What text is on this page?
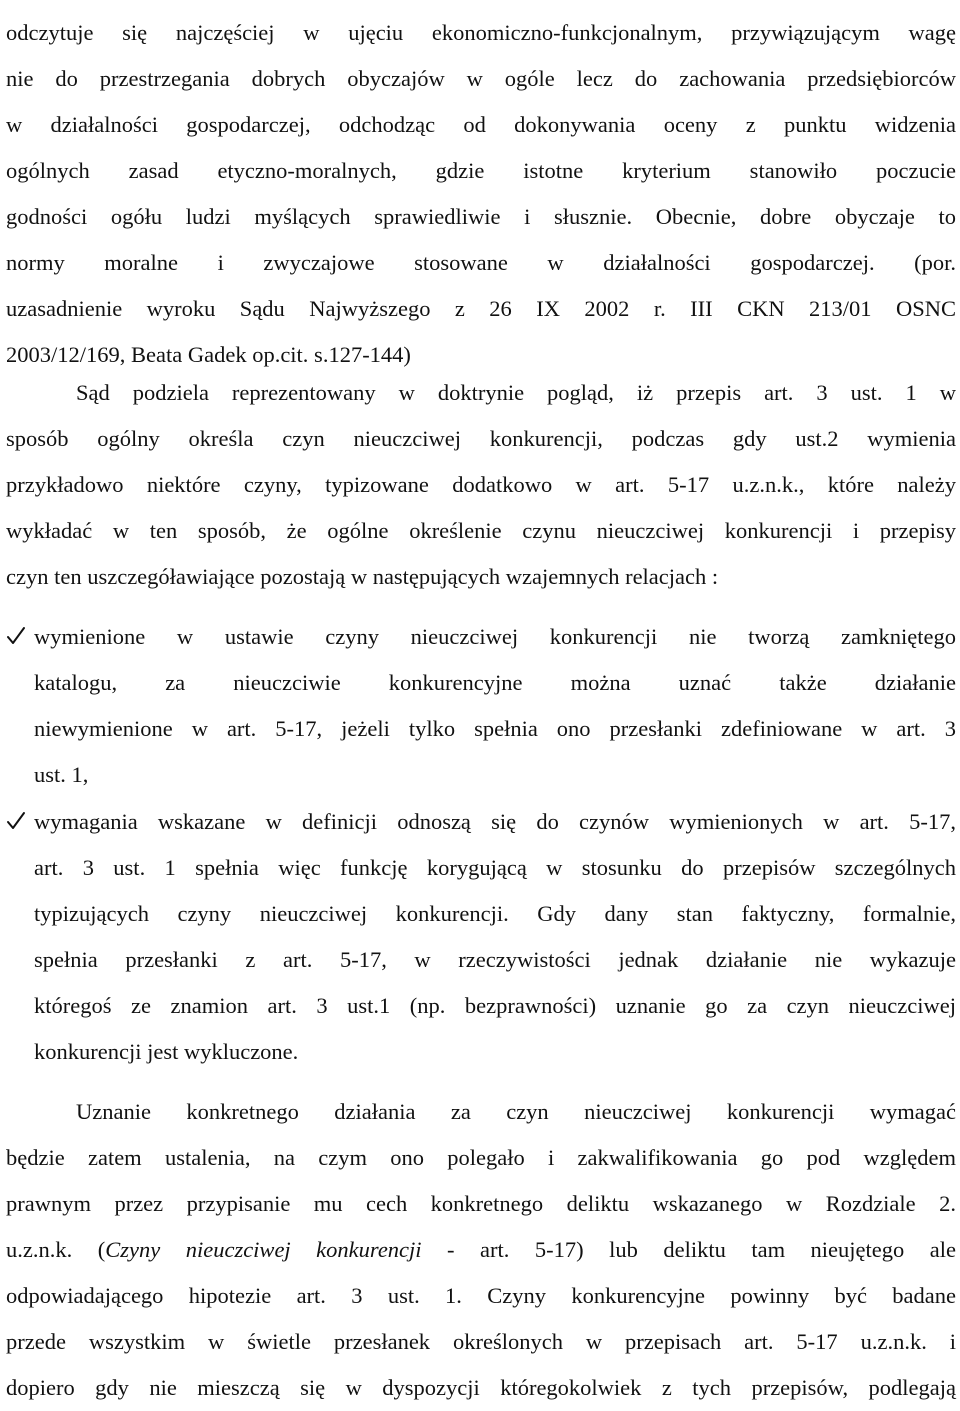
odczytuje się najczęściej w ujęciu ekonomiczno-funkcjonalnym, przywiązującym wagę
nie do przestrzegania dobrych obyczajów w ogóle lecz do zachowania przedsiębiorców
w działalności gospodarczej, odchodząc od dokonywania oceny z punktu widzenia
ogólnych zasad etyczno-moralnych, gdzie istotne kryterium stanowiło poczucie
godności ogółu ludzi myślących sprawiedliwie i słusznie. Obecnie, dobre obyczaje to
normy moralne i zwyczajowe stosowane w działalności gospodarczej. (por.
uzasadnienie wyroku Sądu Najwyższego z 26 IX 2002 r. III CKN 213/01 OSNC
2003/12/169, Beata Gadek op.cit. s.127-144)
Sąd podziela reprezentowany w doktrynie pogląd, iż przepis art. 3 ust. 1 w
sposób ogólny określa czyn nieuczciwej konkurencji, podczas gdy ust.2 wymienia
przykładowo niektóre czyny, typizowane dodatkowo w art. 5-17 u.z.n.k., które należy
wykładać w ten sposób, że ogólne określenie czynu nieuczciwej konkurencji i przepisy
czyn ten uszczegóławiające pozostają w następujących wzajemnych relacjach :
wymienione w ustawie czyny nieuczciwej konkurencji nie tworzą zamkniętego
katalogu, za nieuczciwie konkurencyjne można uznać także działanie
niewymienione w art. 5-17, jeżeli tylko spełnia ono przesłanki zdefiniowane w art. 3
ust. 1,
wymagania wskazane w definicji odnoszą się do czynów wymienionych w art. 5-17,
art. 3 ust. 1 spełnia więc funkcję korygującą w stosunku do przepisów szczególnych
typizujących czyny nieuczciwej konkurencji. Gdy dany stan faktyczny, formalnie,
spełnia przesłanki z art. 5-17, w rzeczywistości jednak działanie nie wykazuje
któregoś ze znamion art. 3 ust.1 (np. bezprawności) uznanie go za czyn nieuczciwej
konkurencji jest wykluczone.
Uznanie konkretnego działania za czyn nieuczciwej konkurencji wymagać
będzie zatem ustalenia, na czym ono polegało i zakwalifikowania go pod względem
prawnym przez przypisanie mu cech konkretnego deliktu wskazanego w Rozdziale 2.
u.z.n.k. (Czyny nieuczciwej konkurencji - art. 5-17) lub deliktu tam nieujętego ale
odpowiadającego hipotezie art. 3 ust. 1. Czyny konkurencyjne powinny być badane
przede wszystkim w świetle przesłanek określonych w przepisach art. 5-17 u.z.n.k. i
dopiero gdy nie mieszczą się w dyspozycji któregokolwiek z tych przepisów, podlegają
